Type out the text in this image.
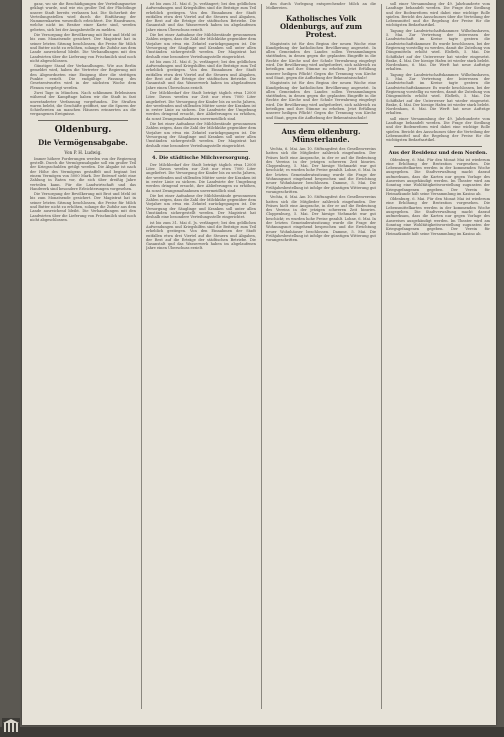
ganz, wo sie die Beschädigungen der Verteilungsnetze geklagt wurde, und wie ein großer Teil der Flüchtlinge unsere Stadt bereits verlassen hat. Die Sicherheit der Verteilungsstellen wird durch die Einführung der Nummernkarten wesentlich erleichtert. Die Hausfrauen, welche nicht im Besitze einer Karte sind, werden gebeten, sich bei der Ausgabestelle zu melden.

Die Versorgung der Bevölkerung mit Brot und Mehl ist bis zum Monatsende gesichert. Der Magistrat hat in seiner letzten Sitzung beschlossen, die Preise für Milch und Butter nicht zu erhöhen, solange die Zufuhr aus dem Lande ausreichend bleibt. Die Verhandlungen mit den Landwirten über die Lieferung von Frischmilch sind noch nicht abgeschlossen.

Günstiger Stand der Verhandlungen. Wie aus Berlin gemeldet wird, haben die Vertreter der Regierung mit den Abgeordneten eine Einigung über die strittigen Punkte erzielt. Die endgültige Fassung des Gesetzentwurfes wird in der nächsten Woche dem Plenum vorgelegt werden.

Zwei Tage in München. Nach schlimmen Erlebnissen während der Kampftage haben wir die Stadt in fast unveränderter Verfassung vorgefunden. Die Straßen waren belebt, die Geschäfte geöffnet, nur die Spuren der Schießereien an manchen Häusern erinnerten an die vergangenen Ereignisse.

Oldenburg.
Die Vermögensabgabe.
Von P. H. Ludwig.

Immer höhere Forderungen werden von der Regierung gestellt. Durch die Vermögensabgabe soll ein großer Teil der Kriegsschulden getilgt werden. Die Abgabe ist nach der Höhe des Vermögens gestaffelt und beginnt bei einem Vermögen von 5000 Mark. Der Entwurf sieht eine Zahlung in Raten vor, die sich über dreißig Jahre verteilen kann. Für die Landwirtschaft und das Handwerk sind besondere Erleichterungen vorgesehen.

Die Versorgung der Bevölkerung mit Brot und Mehl ist bis zum Monatsende gesichert. Der Magistrat hat in seiner letzten Sitzung beschlossen, die Preise für Milch und Butter nicht zu erhöhen, solange die Zufuhr aus dem Lande ausreichend bleibt. Die Verhandlungen mit den Landwirten über die Lieferung von Frischmilch sind noch nicht abgeschlossen.

ist bis zum 31. Mai d. Js. verlängert; bei den geldlichen Aufwendungen und Kriegshilfen sind die Beiträge zum Teil erheblich gestiegen. Von den Einnahmen der Stadt entfallen etwa drei Viertel auf die Steuern und Abgaben, der Rest auf die Erträge der städtischen Betriebe. Die Gasanstalt und das Wasserwerk haben im abgelaufenen Jahre einen Überschuss erzielt.

Die bei einer Aufnahme der Milchbestände gewonnenen Zahlen zeigen, dass die Zahl der Milchkühe gegenüber dem Vorjahre um etwa ein Zehntel zurückgegangen ist. Die Versorgung der Säuglinge und Kranken soll unter allen Umständen sichergestellt werden. Der Magistrat hat deshalb eine besondere Verteilungsstelle eingerichtet.

ist bis zum 31. Mai d. Js. verlängert; bei den geldlichen Aufwendungen und Kriegshilfen sind die Beiträge zum Teil erheblich gestiegen. Von den Einnahmen der Stadt entfallen etwa drei Viertel auf die Steuern und Abgaben, der Rest auf die Erträge der städtischen Betriebe. Die Gasanstalt und das Wasserwerk haben im abgelaufenen Jahre einen Überschuss erzielt.

Der Milchbedarf der Stadt beträgt täglich etwa 12000 Liter. Davon werden zur Zeit nur etwa 7000 Liter angeliefert. Die Versorgung der Kinder bis zu sechs Jahren, der werdenden und stillenden Mütter sowie der Kranken ist in erster Linie zu sichern. Die Landwirte der Umgebung werden dringend ersucht, ihre Ablieferungen zu erhöhen, da sonst Zwangsmaßnahmen unvermeidlich sind.

Die bei einer Aufnahme der Milchbestände gewonnenen Zahlen zeigen, dass die Zahl der Milchkühe gegenüber dem Vorjahre um etwa ein Zehntel zurückgegangen ist. Die Versorgung der Säuglinge und Kranken soll unter allen Umständen sichergestellt werden. Der Magistrat hat deshalb eine besondere Verteilungsstelle eingerichtet.

4. Die städtische Milchversorgung.

Der Milchbedarf der Stadt beträgt täglich etwa 12000 Liter. Davon werden zur Zeit nur etwa 7000 Liter angeliefert. Die Versorgung der Kinder bis zu sechs Jahren, der werdenden und stillenden Mütter sowie der Kranken ist in erster Linie zu sichern. Die Landwirte der Umgebung werden dringend ersucht, ihre Ablieferungen zu erhöhen, da sonst Zwangsmaßnahmen unvermeidlich sind.

Die bei einer Aufnahme der Milchbestände gewonnenen Zahlen zeigen, dass die Zahl der Milchkühe gegenüber dem Vorjahre um etwa ein Zehntel zurückgegangen ist. Die Versorgung der Säuglinge und Kranken soll unter allen Umständen sichergestellt werden. Der Magistrat hat deshalb eine besondere Verteilungsstelle eingerichtet.

ist bis zum 31. Mai d. Js. verlängert; bei den geldlichen Aufwendungen und Kriegshilfen sind die Beiträge zum Teil erheblich gestiegen. Von den Einnahmen der Stadt entfallen etwa drei Viertel auf die Steuern und Abgaben, der Rest auf die Erträge der städtischen Betriebe. Die Gasanstalt und das Wasserwerk haben im abgelaufenen Jahre einen Überschuss erzielt.

den durch Vorlegung entsprechender Milch an die Molkereien.

Katholisches Volk Oldenburgs, auf zum Protest.

Magistrats ist für den Beginn der neuen Woche eine Kundgebung der katholischen Bevölkerung angesetzt. In allen Gemeinden des Landes sollen Versammlungen stattfinden, in denen gegen die geplanten Eingriffe in die Rechte der Kirche und der Schule Verwahrung eingelegt wird. Die Bevölkerung wird aufgefordert, sich zahlreich zu beteiligen und ihre Stimme zu erheben. Jetzt Erfüllung unserer heiligen Pflicht! Gegen die Trennung von Kirche und Staat, gegen die Aufhebung der Bekenntnisschule!

Magistrats ist für den Beginn der neuen Woche eine Kundgebung der katholischen Bevölkerung angesetzt. In allen Gemeinden des Landes sollen Versammlungen stattfinden, in denen gegen die geplanten Eingriffe in die Rechte der Kirche und der Schule Verwahrung eingelegt wird. Die Bevölkerung wird aufgefordert, sich zahlreich zu beteiligen und ihre Stimme zu erheben. Jetzt Erfüllung unserer heiligen Pflicht! Gegen die Trennung von Kirche und Staat, gegen die Aufhebung der Bekenntnisschule!

Aus dem oldenburg. Münsterlande.

Vechta, 6. Mai. Am 10. Stiftungsfest des Gesellenvereins hatten sich die Mitglieder zahlreich eingefunden. Der Präses hielt eine Ansprache, in der er auf die Bedeutung des Vereins in der jetzigen schweren Zeit hinwies. Cloppenburg, 5. Mai. Der hiesige Viehmarkt war gut beschickt; es wurden hohe Preise gezahlt. Lohne, 6. Mai. In der letzten Gemeinderatssitzung wurde die Frage der Wohnungsnot eingehend besprochen und die Errichtung neuer Wohnhäuser beschlossen. Damme, 5. Mai. Die Frühjahrsbestellung ist infolge der günstigen Witterung gut vorangeschritten.

Vechta, 6. Mai. Am 10. Stiftungsfest des Gesellenvereins hatten sich die Mitglieder zahlreich eingefunden. Der Präses hielt eine Ansprache, in der er auf die Bedeutung des Vereins in der jetzigen schweren Zeit hinwies. Cloppenburg, 5. Mai. Der hiesige Viehmarkt war gut beschickt; es wurden hohe Preise gezahlt. Lohne, 6. Mai. In der letzten Gemeinderatssitzung wurde die Frage der Wohnungsnot eingehend besprochen und die Errichtung neuer Wohnhäuser beschlossen. Damme, 5. Mai. Die Frühjahrsbestellung ist infolge der günstigen Witterung gut vorangeschritten.

soll einer Versammlung der 49. Jahrhunderte vom Landtage behandelt werden. Die Frage der Siedlung und der Bodenreform wird dabei eine wichtige Rolle spielen. Bericht des Ausschusses über die Verteilung der Lebensmittel und die Regelung der Preise für die wichtigsten Bedarfsartikel.

Tagung der Landwirtschaftskammer. Wilhelmshaven, 5. Mai. Zur Vertretung der Interessen der Landwirtschaft im Kreise tagte gestern die Landwirtschaftskammer. Es wurde beschlossen, bei der Regierung vorstellig zu werden, damit die Zuteilung von Düngemitteln erhöht wird. Elsfleth, 5. Mai. Die Schiffahrt auf der Unterweser hat wieder eingesetzt. Brake, 4. Mai. Der hiesige Hafen ist wieder stark belebt. Nordenham, 6. Mai. Die Werft hat neue Aufträge erhalten.

Tagung der Landwirtschaftskammer. Wilhelmshaven, 5. Mai. Zur Vertretung der Interessen der Landwirtschaft im Kreise tagte gestern die Landwirtschaftskammer. Es wurde beschlossen, bei der Regierung vorstellig zu werden, damit die Zuteilung von Düngemitteln erhöht wird. Elsfleth, 5. Mai. Die Schiffahrt auf der Unterweser hat wieder eingesetzt. Brake, 4. Mai. Der hiesige Hafen ist wieder stark belebt. Nordenham, 6. Mai. Die Werft hat neue Aufträge erhalten.

soll einer Versammlung der 49. Jahrhunderte vom Landtage behandelt werden. Die Frage der Siedlung und der Bodenreform wird dabei eine wichtige Rolle spielen. Bericht des Ausschusses über die Verteilung der Lebensmittel und die Regelung der Preise für die wichtigsten Bedarfsartikel.

Aus der Residenz und dem Norden.

Oldenburg, 6. Mai. Für den Monat Mai ist wiederum eine Erhöhung der Brotration vorgesehen. Die Lebensmittelkarten werden in der kommenden Woche ausgegeben. Die Stadtverwaltung macht darauf aufmerksam, dass die Karten nur gegen Vorlage des Ausweises ausgehändigt werden. Im Theater wird am Sonntag eine Wohltätigkeitsvorstellung zugunsten der Kriegsgefangenen gegeben. Der Verein für Heimatkunde hält seine Versammlung im Kasino ab.

Oldenburg, 6. Mai. Für den Monat Mai ist wiederum eine Erhöhung der Brotration vorgesehen. Die Lebensmittelkarten werden in der kommenden Woche ausgegeben. Die Stadtverwaltung macht darauf aufmerksam, dass die Karten nur gegen Vorlage des Ausweises ausgehändigt werden. Im Theater wird am Sonntag eine Wohltätigkeitsvorstellung zugunsten der Kriegsgefangenen gegeben. Der Verein für Heimatkunde hält seine Versammlung im Kasino ab.
